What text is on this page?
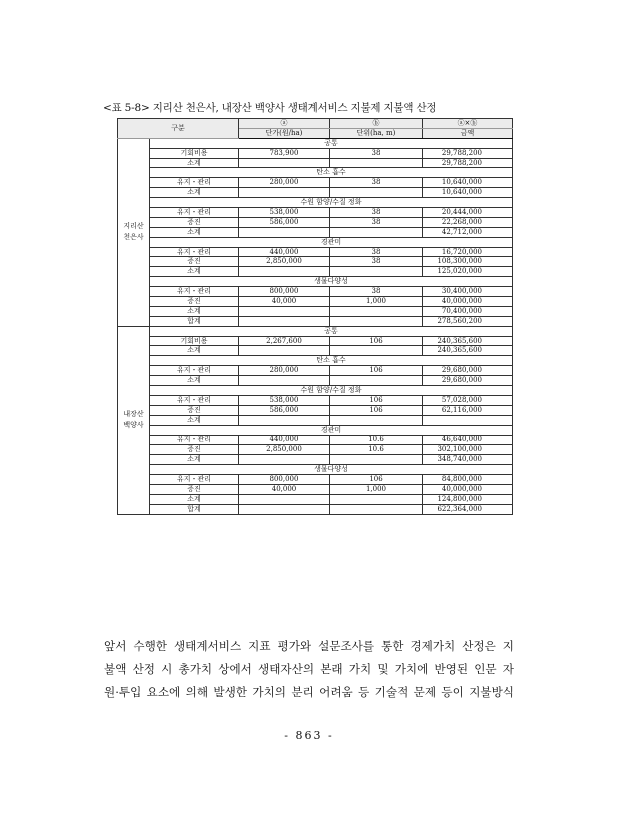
<표 5-8> 지리산 천은사, 내장산 백양사 생태계서비스 지불제 지불액 산정
구분		ⓐ	ⓑ	ⓐ×ⓑ
		단가(원/ha)	단위(ha, m)	금액

지리산
천은사	공통			
	기회비용	783,900	38	29,788,200
	소계			29,788,200
	탄소 흡수			
	유지・관리	280,000	38	10,640,000
	소계			10,640,000
	수원 함양/수질 정화			
	유지・관리	538,000	38	20,444,000
	증진	586,000	38	22,268,000
	소계			42,712,000
	경관미			
	유지・관리	440,000	38	16,720,000
	증진	2,850,000	38	108,300,000
	소계			125,020,000
	생물다양성			
	유지・관리	800,000	38	30,400,000
	증진	40,000	1,000	40,000,000
	소계			70,400,000
	합계			278,560,200

내장산
백양사	공통			
	기회비용	2,267,600	106	240,365,600
	소계			240,365,600
	탄소 흡수			
	유지・관리	280,000	106	29,680,000
	소계			29,680,000
	수원 함양/수질 정화			
	유지・관리	538,000	106	57,028,000
	증진	586,000	106	62,116,000
	소계			
	경관미			
	유지・관리	440,000	10.6	46,640,000
	증진	2,850,000	10.6	302,100,000
	소계			348,740,000
	생물다양성			
	유지・관리	800,000	106	84,800,000
	증진	40,000	1,000	40,000,000
	소계			124,800,000
	합계			622,364,000

앞서 수행한 생태계서비스 지표 평가와 설문조사를 통한 경제가치 산정은 지

불액 산정 시 총가치 상에서 생태자산의 본래 가치 및 가치에 반영된 인문 자

원·투입 요소에 의해 발생한 가치의 분리 어려움 등 기술적 문제 등이 지불방식

- 863 -
